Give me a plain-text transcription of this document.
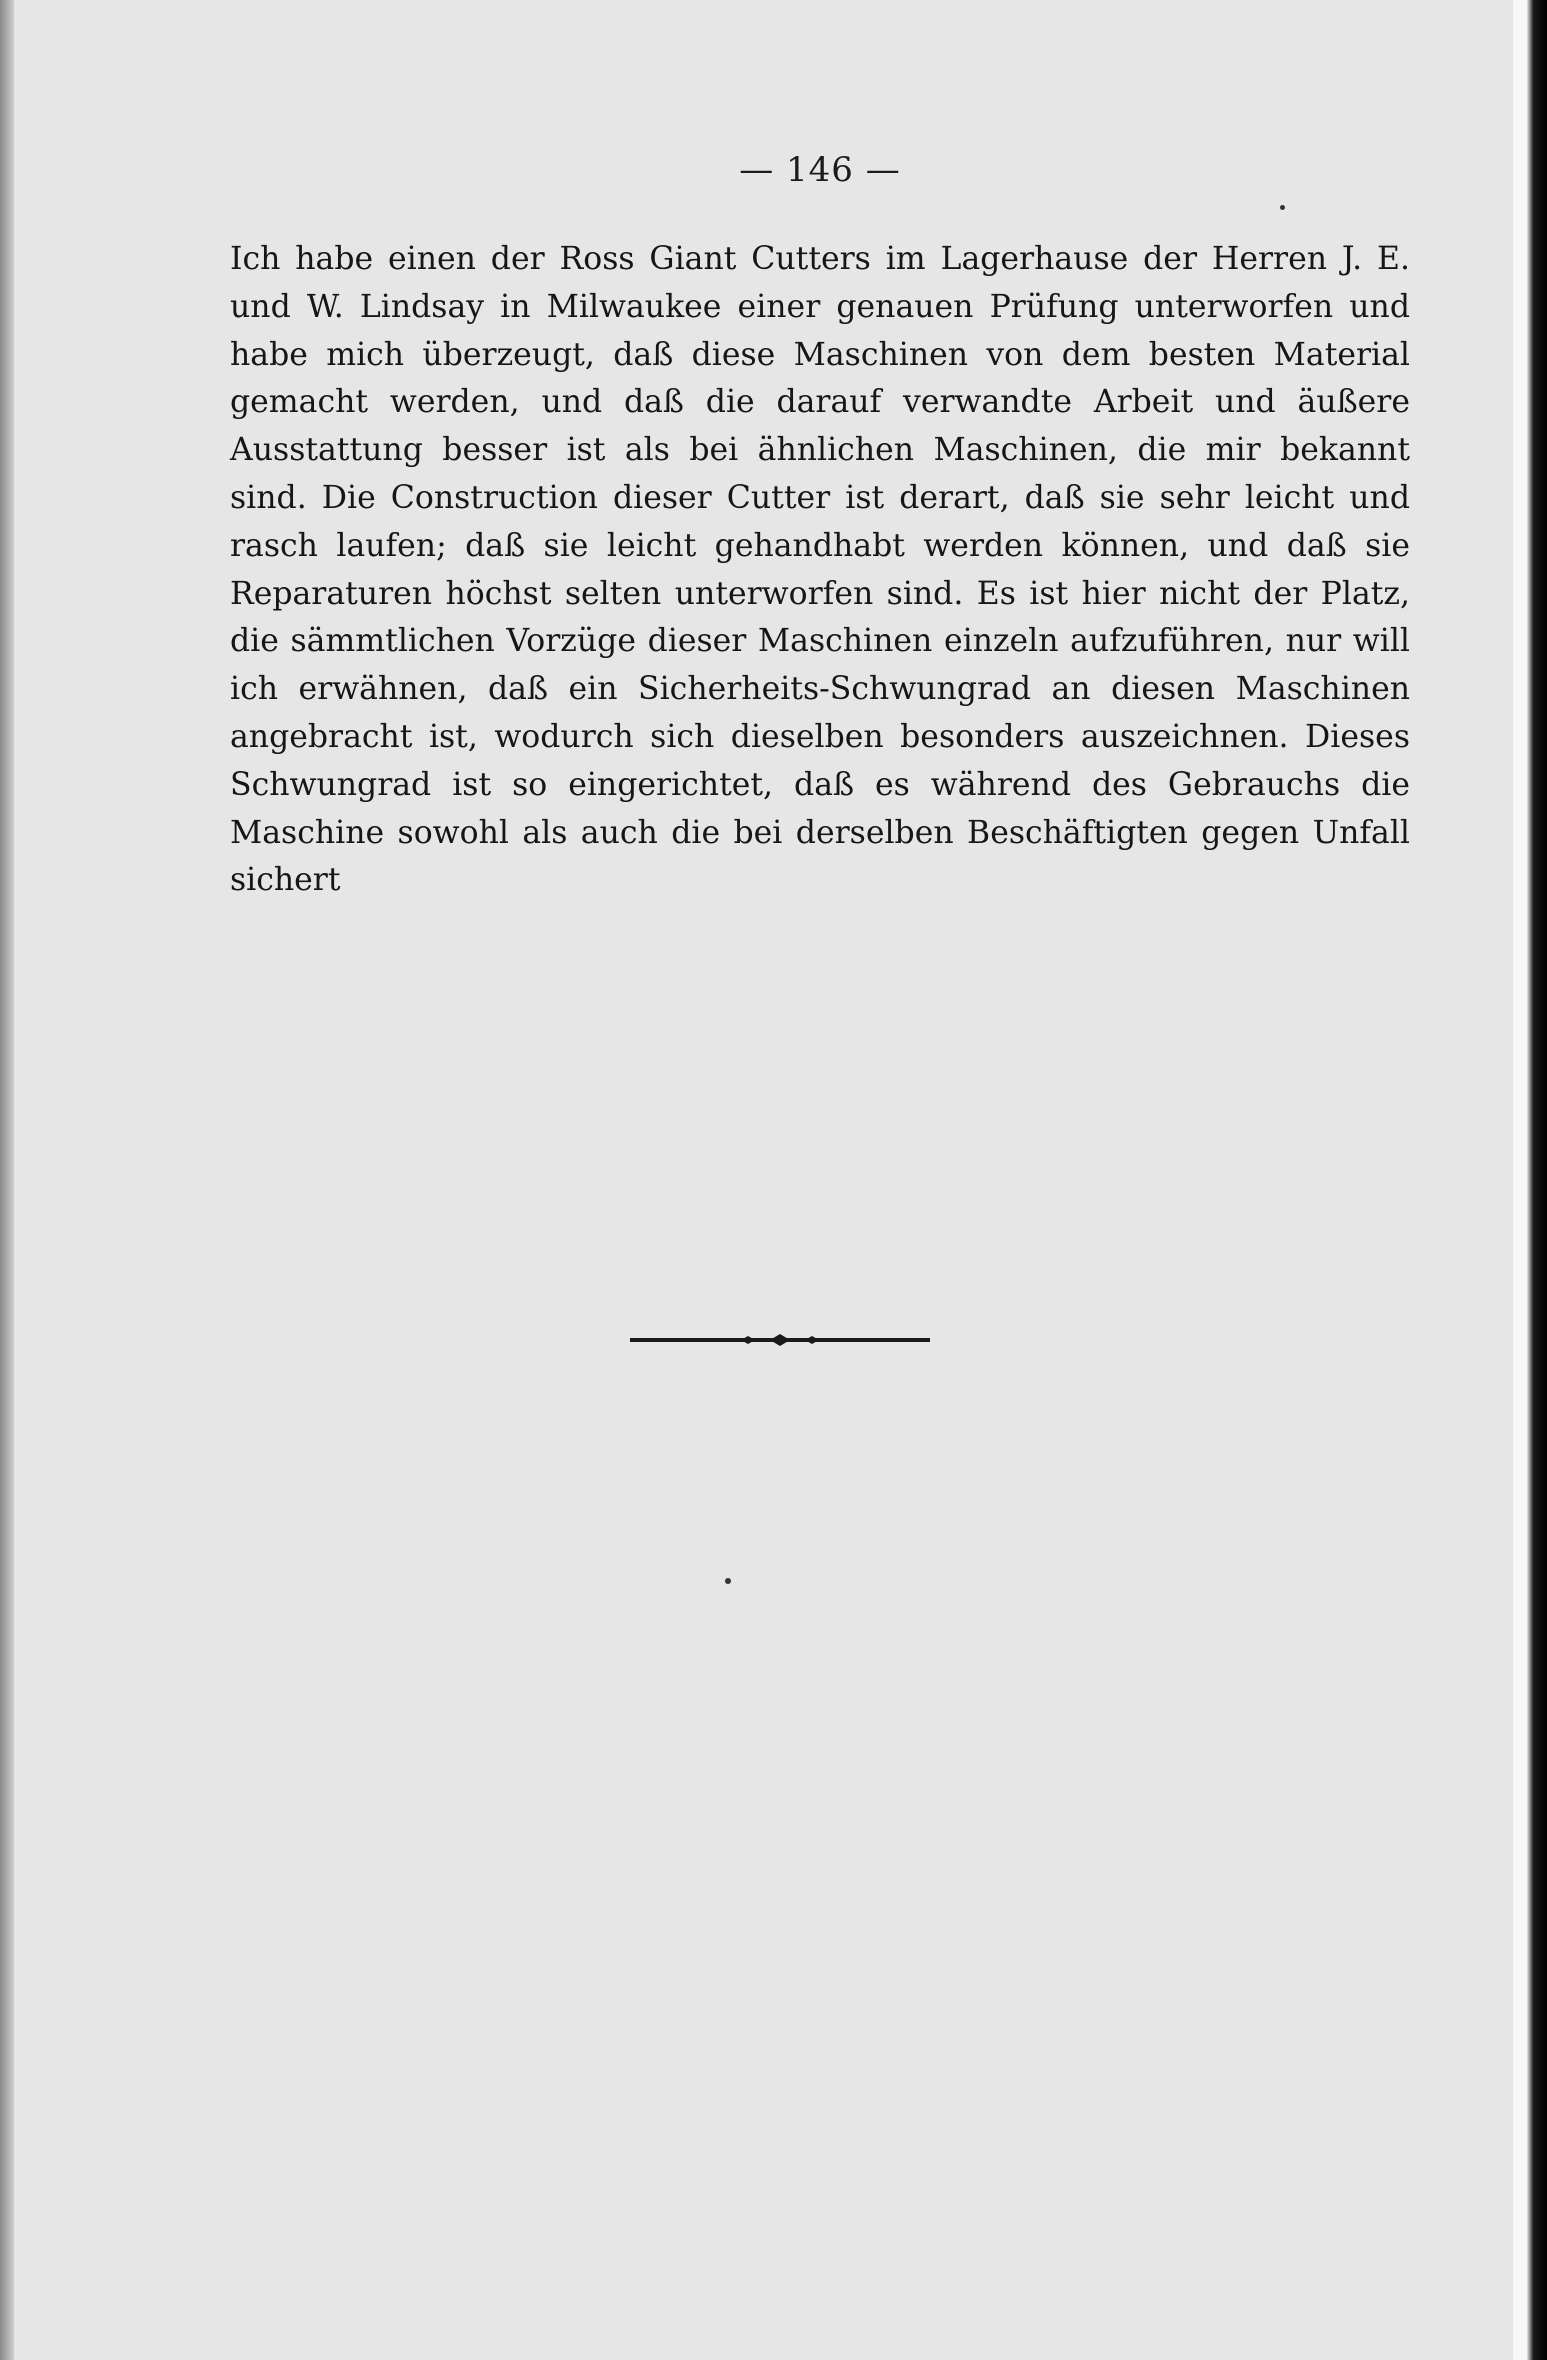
— 146 —
Ich habe einen der Ross Giant Cutters im Lagerhause der Herren J. E. und W. Lindsay in Milwaukee einer genauen Prüfung unterworfen und habe mich überzeugt, daß diese Maschinen von dem besten Material gemacht werden, und daß die darauf verwandte Arbeit und äußere Ausstattung besser ist als bei ähnlichen Maschinen, die mir bekannt sind. Die Construction dieser Cutter ist derart, daß sie sehr leicht und rasch laufen; daß sie leicht gehandhabt werden können, und daß sie Reparaturen höchst selten unterworfen sind. Es ist hier nicht der Platz, die sämmtlichen Vorzüge dieser Maschinen einzeln aufzuführen, nur will ich erwähnen, daß ein Sicherheits-Schwungrad an diesen Maschinen angebracht ist, wodurch sich dieselben besonders auszeichnen. Dieses Schwungrad ist so eingerichtet, daß es während des Gebrauchs die Maschine sowohl als auch die bei derselben Beschäftigten gegen Unfall sichert
